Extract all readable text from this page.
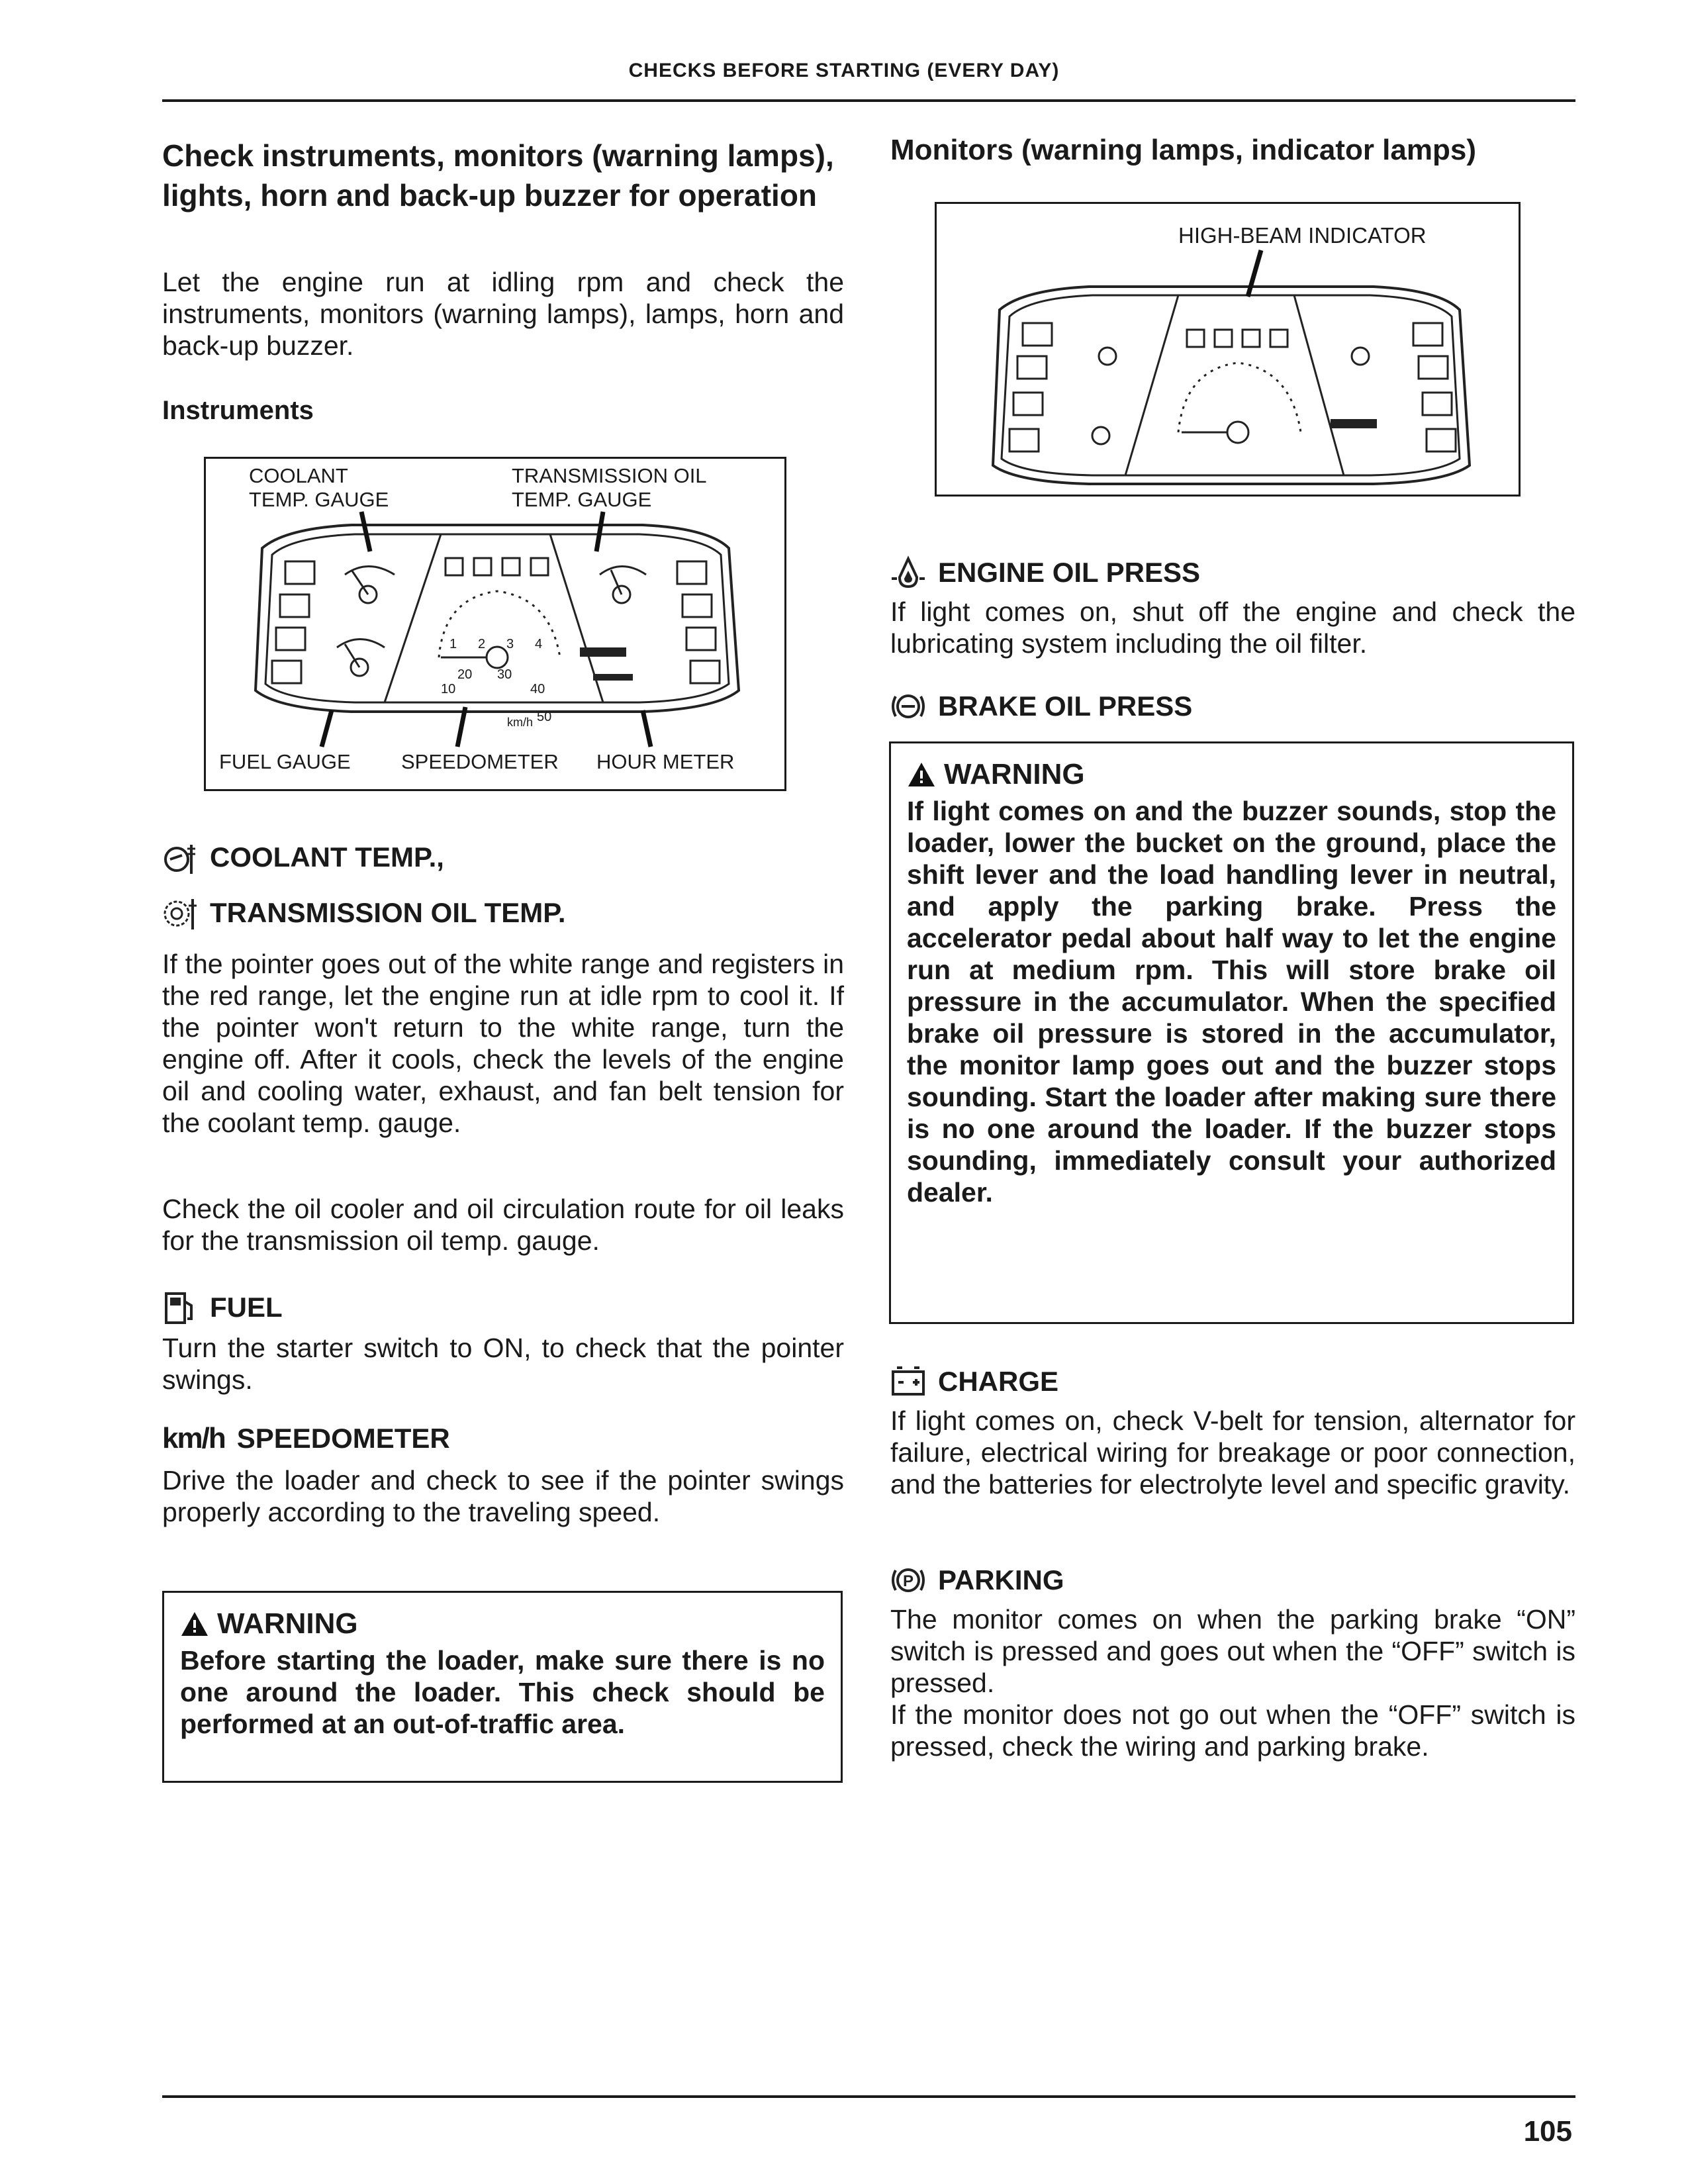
CHECKS BEFORE STARTING (EVERY DAY)
105

Check instruments, monitors (warning lamps), lights, horn and back-up buzzer for operation

Let the engine run at idling rpm and check the instruments, monitors (warning lamps), lamps, horn and back-up buzzer.

Instruments

COOLANT
TEMP. GAUGE
TRANSMISSION OIL
TEMP. GAUGE
FUEL GAUGE SPEEDOMETER HOUR METER
20 30
10	40
50
km/h
1 2 3 4

COOLANT TEMP.,

TRANSMISSION OIL TEMP.

If the pointer goes out of the white range and registers in the red range, let the engine run at idle rpm to cool it. If the pointer won't return to the white range, turn the engine off. After it cools, check the levels of the engine oil and cooling water, exhaust, and fan belt tension for the coolant temp. gauge.

Check the oil cooler and oil circulation route for oil leaks for the transmission oil temp. gauge.

FUEL

Turn the starter switch to ON, to check that the pointer swings.

km/h SPEEDOMETER

Drive the loader and check to see if the pointer swings properly according to the traveling speed.

WARNING

Before starting the loader, make sure there is no one around the loader. This check should be performed at an out-of-traffic area.

Monitors (warning lamps, indicator lamps)

HIGH-BEAM INDICATOR

ENGINE OIL PRESS

If light comes on, shut off the engine and check the lubricating system including the oil filter.

BRAKE OIL PRESS

WARNING

If light comes on and the buzzer sounds, stop the loader, lower the bucket on the ground, place the shift lever and the load handling lever in neutral, and apply the parking brake. Press the accelerator pedal about half way to let the engine run at medium rpm. This will store brake oil pressure in the accumulator. When the specified brake oil pressure is stored in the accumulator, the monitor lamp goes out and the buzzer stops sounding. Start the loader after making sure there is no one around the loader. If the buzzer stops sounding, immediately consult your authorized dealer.

CHARGE

If light comes on, check V-belt for tension, alternator for failure, electrical wiring for breakage or poor connection, and the batteries for electrolyte level and specific gravity.

P PARKING

The monitor comes on when the parking brake “ON” switch is pressed and goes out when the “OFF” switch is pressed.

If the monitor does not go out when the “OFF” switch is pressed, check the wiring and parking brake.
